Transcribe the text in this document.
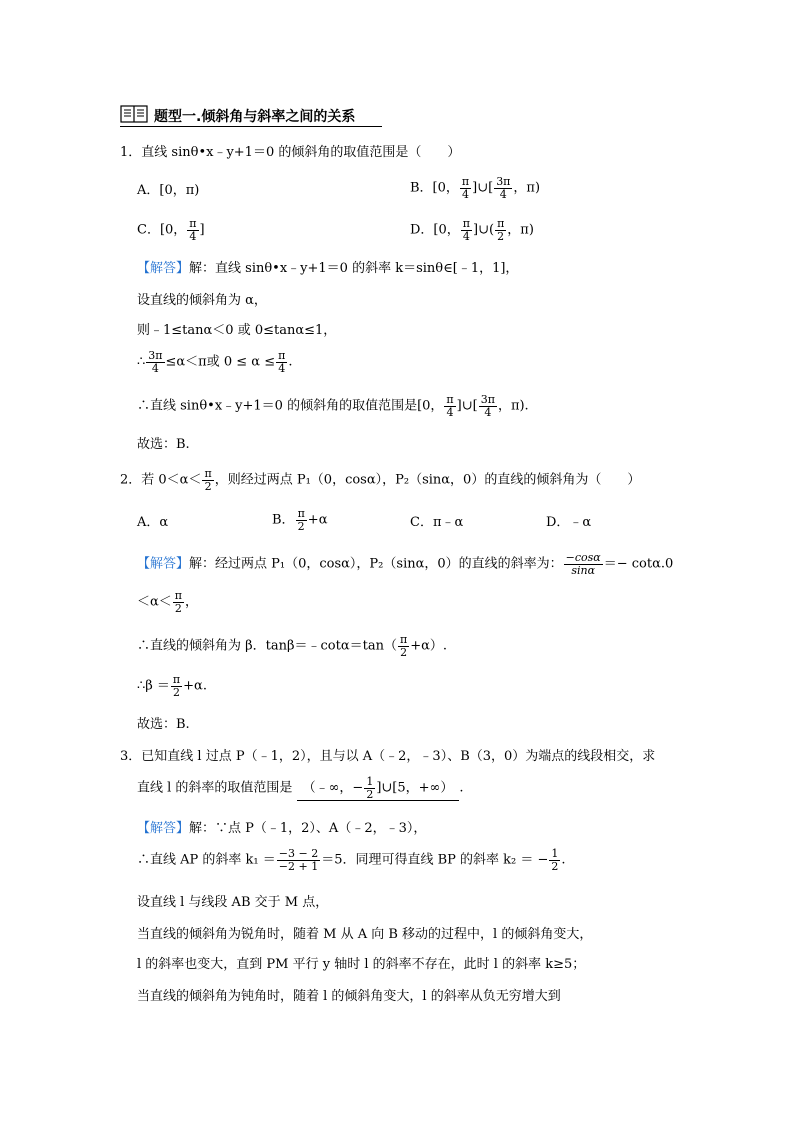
题型一.倾斜角与斜率之间的关系
1．直线 sinθ•x﹣y+1＝0 的倾斜角的取值范围是（　　）
A．[0，π)	B．[0， $\frac{\pi}{4}$ ]∪[ $\frac{3\pi}{4}$ ，π)
C．[0， $\frac{\pi}{4}$ ]	D．[0， $\frac{\pi}{4}$ ]∪( $\frac{\pi}{2}$ ，π)
【解答】解：直线 sinθ•x﹣y+1＝0 的斜率 k＝sinθ∈[﹣1，1]，
设直线的倾斜角为 α，
则﹣1≤tanα＜0 或 0≤tanα≤1，
∴ $\frac{3\pi}{4} \le\alpha<\pi$或 $0 \le \alpha \le \frac{\pi}{4}$ .
∴直线 sinθ•x﹣y+1＝0 的倾斜角的取值范围是[0， $\frac{\pi}{4}$ ]∪[ $\frac{3\pi}{4}$ ，π).
故选：B.
2．若 $0<\alpha< \frac{\pi}{2}$ ，则经过两点 P₁（0，cosα），P₂（sinα，0）的直线的倾斜角为（　　）
A．α	B． $\frac{\pi}{2} +\alpha$	C．π﹣α	D．﹣α
【解答】解：经过两点 P₁（0，cosα），P₂（sinα，0）的直线的斜率为： $\frac{-\cos\alpha}{\sin\alpha} =- \cot\alpha.0$
$<\alpha< \frac{\pi}{2}$ ，
∴直线的倾斜角为 β．tanβ＝﹣cotα＝tan（ $\frac{\pi}{2} +\alpha$）.
∴β ＝ $\frac{\pi}{2} +\alpha$.
故选：B.
3．已知直线 l 过点 P（﹣1，2），且与以 A（﹣2，﹣3）、B（3，0）为端点的线段相交，求
直线 l 的斜率的取值范围是 （﹣∞，− $\frac{1}{2}$ ]∪[5，+∞） .
【解答】解：∵点 P（﹣1，2）、A（﹣2，﹣3），
∴直线 AP 的斜率 $k_1 = \frac{-3 - 2}{-2 + 1} =5$．同理可得直线 BP 的斜率 k₂ ＝ − $\frac{1}{2}$ .
设直线 l 与线段 AB 交于 M 点，
当直线的倾斜角为锐角时，随着 M 从 A 向 B 移动的过程中，l 的倾斜角变大，
l 的斜率也变大，直到 PM 平行 y 轴时 l 的斜率不存在，此时 l 的斜率 k≥5；
当直线的倾斜角为钝角时，随着 l 的倾斜角变大，l 的斜率从负无穷增大到
